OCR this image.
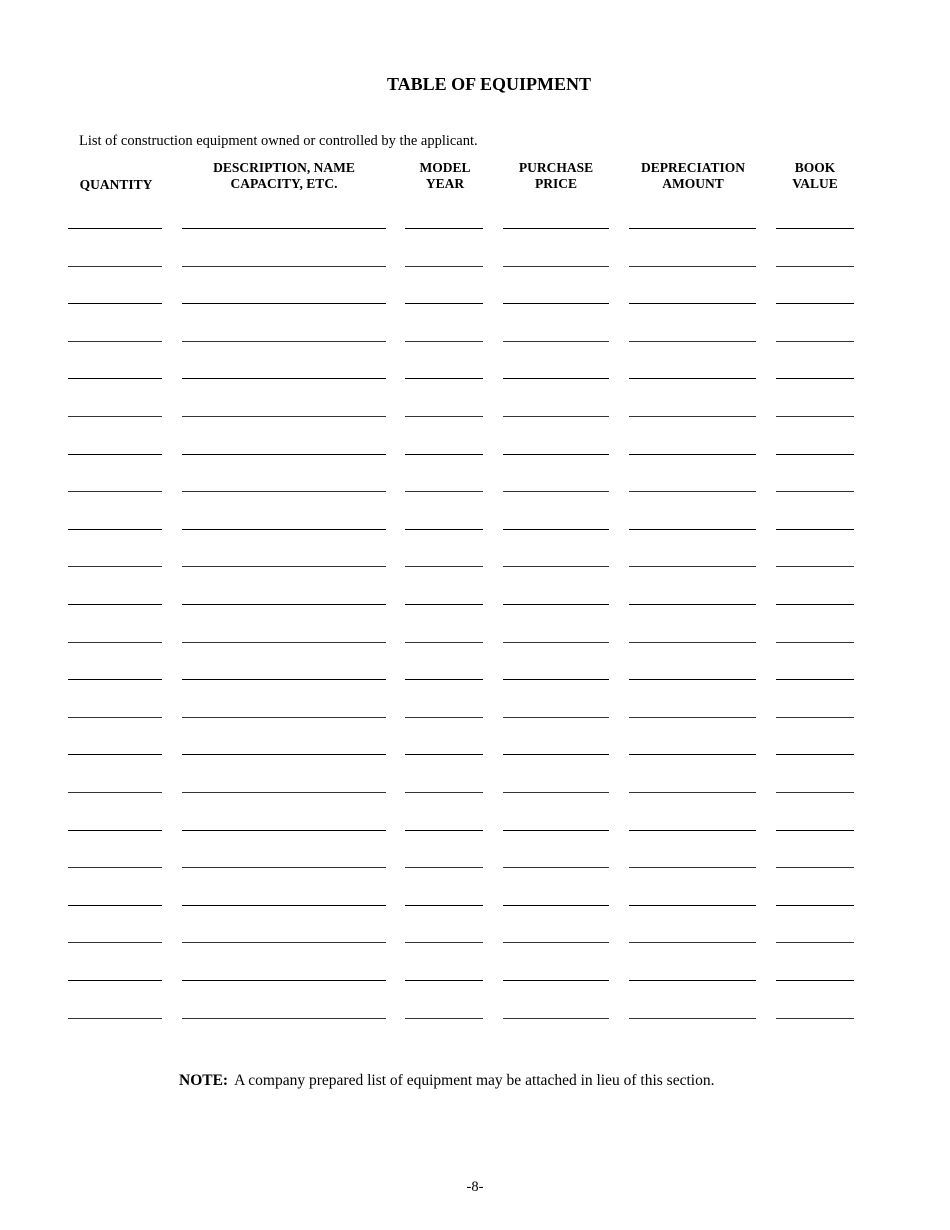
TABLE OF EQUIPMENT
List of construction equipment owned or controlled by the applicant.

QUANTITY
DESCRIPTION, NAME
CAPACITY, ETC.
MODEL
YEAR
PURCHASE
PRICE
DEPRECIATION
AMOUNT
BOOK
VALUE
NOTE: A company prepared list of equipment may be attached in lieu of this section.
-8-
